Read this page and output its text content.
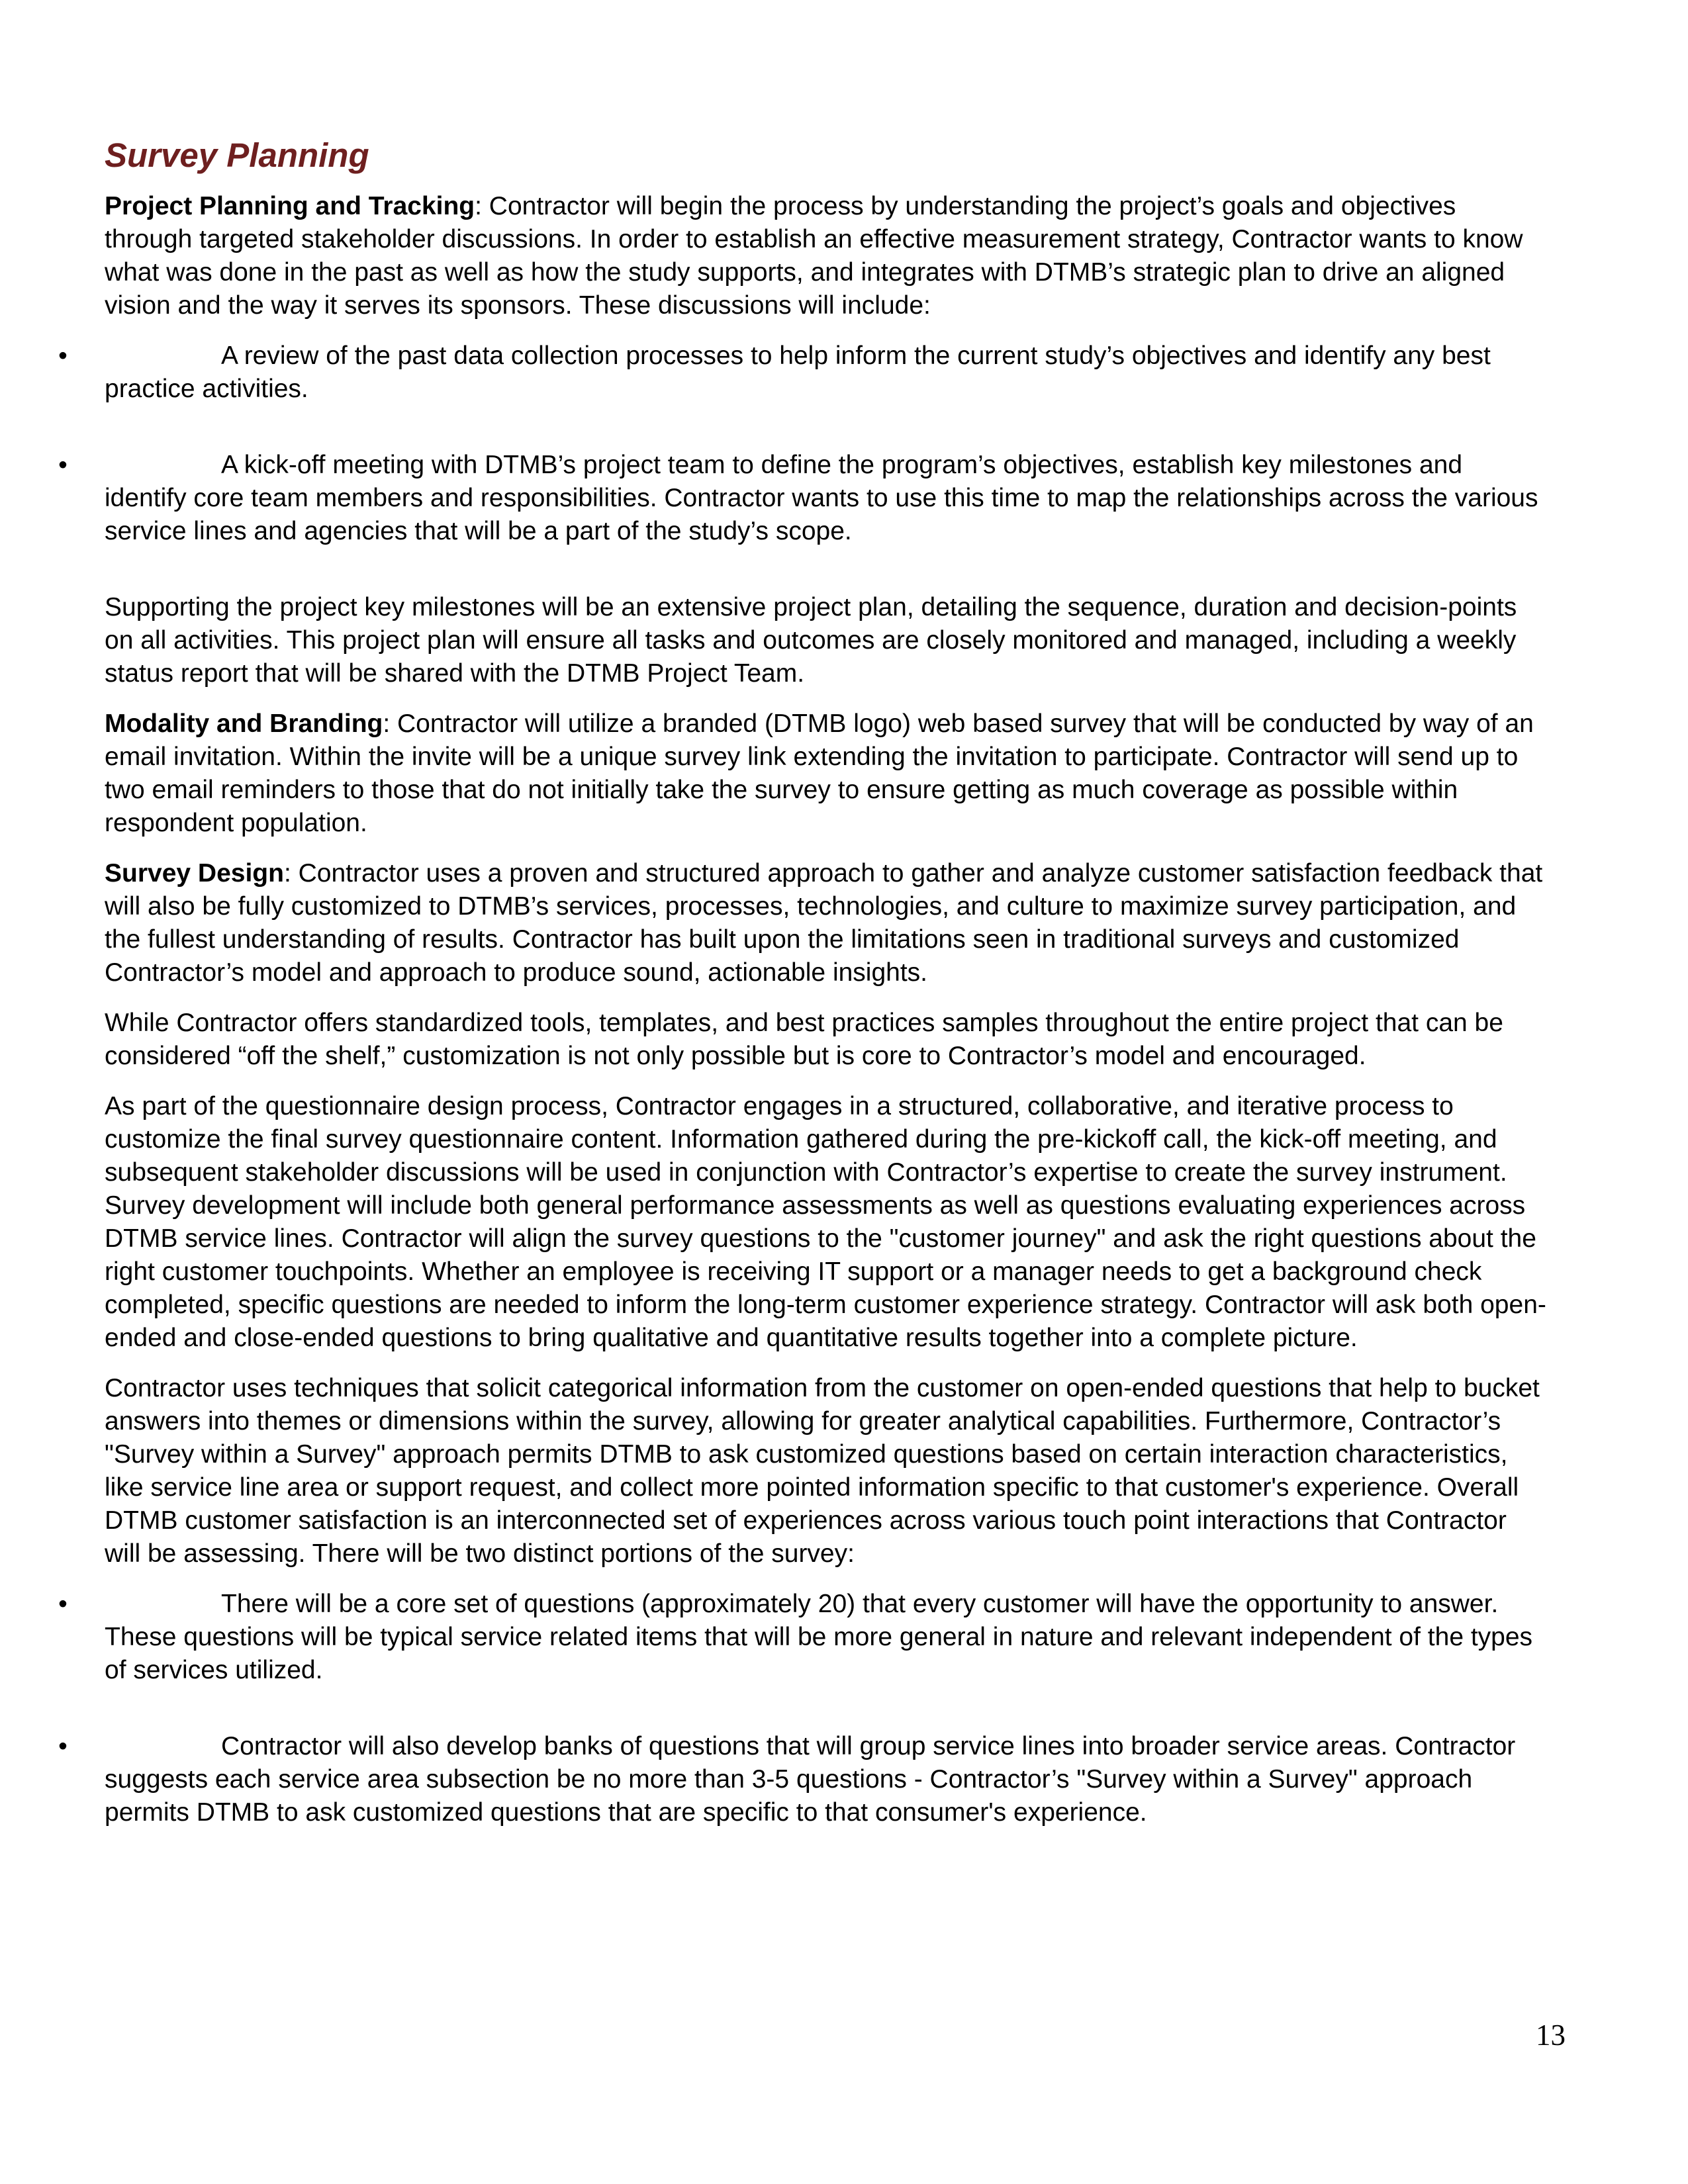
Survey Planning

Project Planning and Tracking: Contractor will begin the process by understanding the project’s goals and objectives through targeted stakeholder discussions. In order to establish an effective measurement strategy, Contractor wants to know what was done in the past as well as how the study supports, and integrates with DTMB’s strategic plan to drive an aligned vision and the way it serves its sponsors. These discussions will include:

•	A review of the past data collection processes to help inform the current study’s objectives and identify any best practice activities.
•	A kick-off meeting with DTMB’s project team to define the program’s objectives, establish key milestones and identify core team members and responsibilities. Contractor wants to use this time to map the relationships across the various service lines and agencies that will be a part of the study’s scope.

Supporting the project key milestones will be an extensive project plan, detailing the sequence, duration and decision-points on all activities. This project plan will ensure all tasks and outcomes are closely monitored and managed, including a weekly status report that will be shared with the DTMB Project Team.

Modality and Branding: Contractor will utilize a branded (DTMB logo) web based survey that will be conducted by way of an email invitation. Within the invite will be a unique survey link extending the invitation to participate. Contractor will send up to two email reminders to those that do not initially take the survey to ensure getting as much coverage as possible within respondent population.

Survey Design: Contractor uses a proven and structured approach to gather and analyze customer satisfaction feedback that will also be fully customized to DTMB’s services, processes, technologies, and culture to maximize survey participation, and the fullest understanding of results. Contractor has built upon the limitations seen in traditional surveys and customized Contractor’s model and approach to produce sound, actionable insights.

While Contractor offers standardized tools, templates, and best practices samples throughout the entire project that can be considered “off the shelf,” customization is not only possible but is core to Contractor’s model and encouraged.

As part of the questionnaire design process, Contractor engages in a structured, collaborative, and iterative process to customize the final survey questionnaire content. Information gathered during the pre-kickoff call, the kick-off meeting, and subsequent stakeholder discussions will be used in conjunction with Contractor’s expertise to create the survey instrument. Survey development will include both general performance assessments as well as questions evaluating experiences across DTMB service lines. Contractor will align the survey questions to the "customer journey" and ask the right questions about the right customer touchpoints. Whether an employee is receiving IT support or a manager needs to get a background check completed, specific questions are needed to inform the long-term customer experience strategy. Contractor will ask both open-ended and close-ended questions to bring qualitative and quantitative results together into a complete picture.

Contractor uses techniques that solicit categorical information from the customer on open-ended questions that help to bucket answers into themes or dimensions within the survey, allowing for greater analytical capabilities. Furthermore, Contractor’s "Survey within a Survey" approach permits DTMB to ask customized questions based on certain interaction characteristics, like service line area or support request, and collect more pointed information specific to that customer's experience. Overall DTMB customer satisfaction is an interconnected set of experiences across various touch point interactions that Contractor will be assessing. There will be two distinct portions of the survey:

•	There will be a core set of questions (approximately 20) that every customer will have the opportunity to answer. These questions will be typical service related items that will be more general in nature and relevant independent of the types of services utilized.
•	Contractor will also develop banks of questions that will group service lines into broader service areas. Contractor suggests each service area subsection be no more than 3-5 questions - Contractor’s "Survey within a Survey" approach permits DTMB to ask customized questions that are specific to that consumer's experience.
13
